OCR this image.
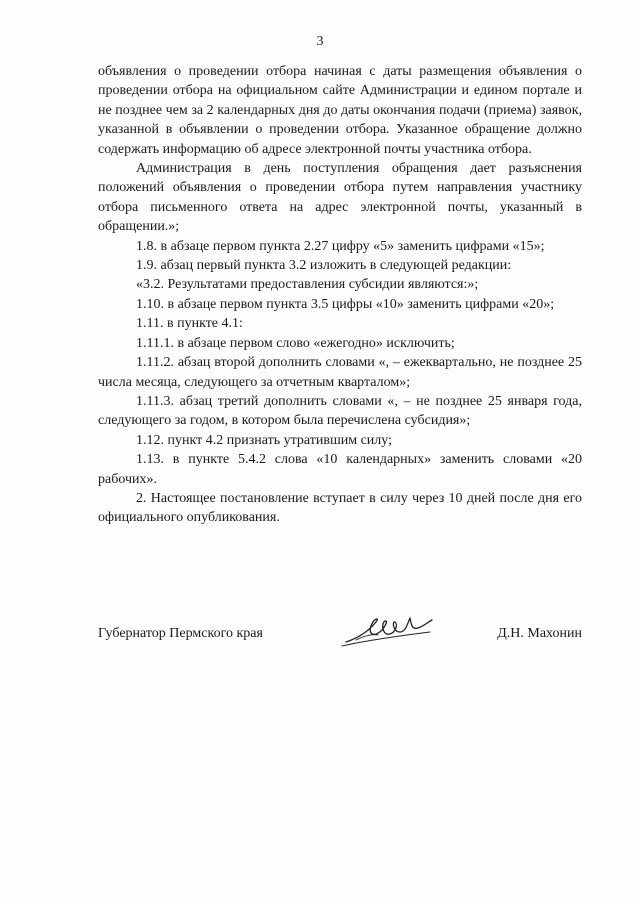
3

объявления о проведении отбора начиная с даты размещения объявления о проведении отбора на официальном сайте Администрации и едином портале и не позднее чем за 2 календарных дня до даты окончания подачи (приема) заявок, указанной в объявлении о проведении отбора. Указанное обращение должно содержать информацию об адресе электронной почты участника отбора.

Администрация в день поступления обращения дает разъяснения положений объявления о проведении отбора путем направления участнику отбора письменного ответа на адрес электронной почты, указанный в обращении.»;

1.8. в абзаце первом пункта 2.27 цифру «5» заменить цифрами «15»;

1.9. абзац первый пункта 3.2 изложить в следующей редакции:

«3.2. Результатами предоставления субсидии являются:»;

1.10. в абзаце первом пункта 3.5 цифры «10» заменить цифрами «20»;

1.11. в пункте 4.1:

1.11.1. в абзаце первом слово «ежегодно» исключить;

1.11.2. абзац второй дополнить словами «, – ежеквартально, не позднее 25 числа месяца, следующего за отчетным кварталом»;

1.11.3. абзац третий дополнить словами «, – не позднее 25 января года, следующего за годом, в котором была перечислена субсидия»;

1.12. пункт 4.2 признать утратившим силу;

1.13. в пункте 5.4.2 слова «10 календарных» заменить словами «20 рабочих».

2. Настоящее постановление вступает в силу через 10 дней после дня его официального опубликования.

Губернатор Пермского края	Д.Н. Махонин
